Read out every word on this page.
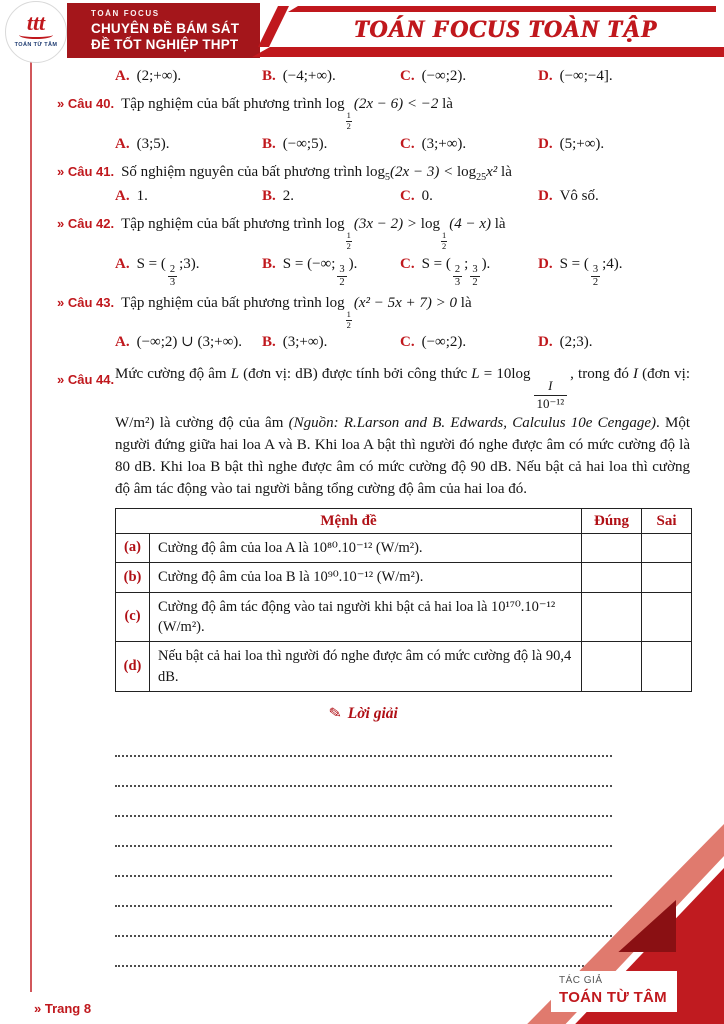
TOÁN FOCUS
CHUYÊN ĐỀ BÁM SÁT
ĐỀ TỐT NGHIỆP THPT
ttt
TOÁN TỪ TÂM
TOÁN FOCUS TOÀN TẬP
A. (2;+∞).	B. (−4;+∞).	C. (−∞;2).	D. (−∞;−4].
» Câu 40. Tập nghiệm của bất phương trình log
$\frac{1}{2}$
(2x − 6) < −2 là
A. (3;5).	B. (−∞;5).	C. (3;+∞).	D. (5;+∞).
» Câu 41. Số nghiệm nguyên của bất phương trình $\log_5(2x - 3) < \log_{25}x^2$ là
A. 1.	B. 2.	C. 0.	D. Vô số.
» Câu 42. Tập nghiệm của bất phương trình log
$\frac{1}{2}$
(3x − 2) > log
$\frac{1}{2}$
(4 − x) là
A. S = ( $\frac{2}{3}$ ;3).	B. S = (−∞; $\frac{3}{2}$ ).	C. S = ( $\frac{2}{3}$ ; $\frac{3}{2}$ ).	D. S = ( $\frac{3}{2}$ ;4).
» Câu 43. Tập nghiệm của bất phương trình log
$\frac{1}{2}$
(x² − 5x + 7) > 0 là
A. (−∞;2) ∪ (3;+∞).	B. (3;+∞).	C. (−∞;2).	D. (2;3).
» Câu 44. Mức cường độ âm L (đơn vị: dB) được tính bởi công thức L = 10log
$\frac{I}{\text{10⁻¹²}}$
, trong đó I (đơn vị: W/m²) là cường độ của âm (Nguồn: R.Larson and B. Edwards, Calculus 10e Cengage). Một người đứng giữa hai loa A và B. Khi loa A bật thì người đó nghe được âm có mức cường độ là 80 dB. Khi loa B bật thì nghe được âm có mức cường độ 90 dB. Nếu bật cả hai loa thì cường độ âm tác động vào tai người bằng tổng cường độ âm của hai loa đó.
Mệnh đề		Đúng	Sai
(a)	Cường độ âm của loa A là 10⁸⁰.10⁻¹² (W/m²).		
(b)	Cường độ âm của loa B là 10⁹⁰.10⁻¹² (W/m²).		
(c)	Cường độ âm tác động vào tai người khi bật cả hai loa là 10¹⁷⁰.10⁻¹² (W/m²).		
(d)	Nếu bật cả hai loa thì người đó nghe được âm có mức cường độ là 90,4 dB.		
✎ Lời giải
TÁC GIẢ
TOÁN TỪ TÂM
» Trang 8
